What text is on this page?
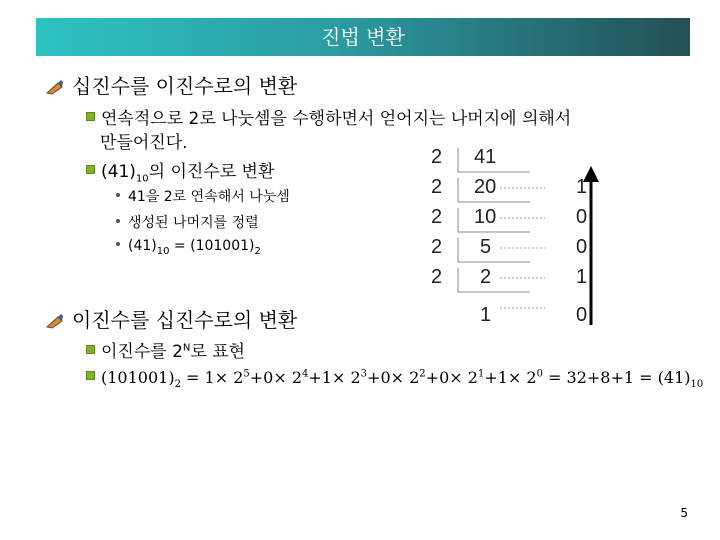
진법 변환
십진수를 이진수로의 변환
연속적으로 2로 나눗셈을 수행하면서 얻어지는 나머지에 의해서
만들어진다.
$(41)_{10}$의 이진수로 변환
41을 2로 연속해서 나눗셈
생성된 나머지를 정렬
$(41)_{10} = (101001)_2$
2
2
2
2
2
41
20
10
5
2
1
1
0
0
1
0
이진수를 십진수로의 변환
이진수를 $2^N$로 표현
$(101001)_2 = 1\times 2^5+0\times 2^4+1\times 2^3+0\times 2^2+0\times 2^1+1\times 2^0 = 32+8+1 = (41)_{10}$
5
